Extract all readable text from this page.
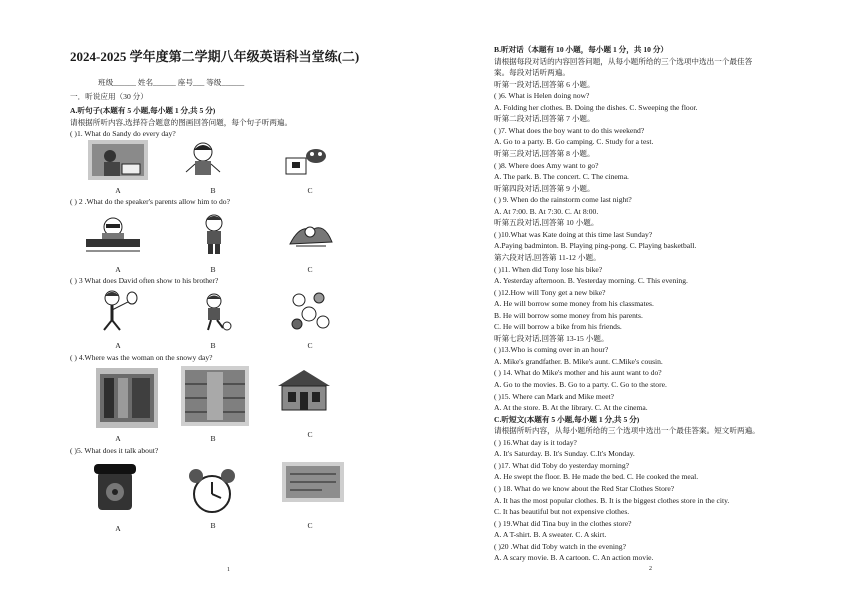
2024-2025 学年度第二学期八年级英语科当堂练(二)
班级______ 姓名______ 座号___ 等级______
一．听说应用（30 分）
A.听句子(本题有 5 小题,每小题 1 分,共 5 分)
请根据所听内容,选择符合题意的图画回答问题，每个句子听两遍。
( )1. What do Sandy do every day?
A	B	C
( ) 2 .What do the speaker's parents allow him to do?
A	B	C
( ) 3 What does David often show to his brother?
A	B	C
( ) 4.Where was the woman on the snowy day?
A	B	C
( )5. What does it talk about?
A	B	C
1
B.听对话（本题有 10 小题，每小题 1 分，共 10 分）
请根据每段对话的内容回答问题，从每小题所给的三个选项中选出一个最佳答
案。每段对话听两遍。
听第一段对话,回答第 6 小题。
( )6. What is Helen doing now?
A. Folding her clothes. B. Doing the dishes. C. Sweeping the floor.
听第二段对话,回答第 7 小题。
( )7. What does the boy want to do this weekend?
A. Go to a party. B. Go camping. C. Study for a test.
听第三段对话,回答第 8 小题。
( )8. Where does Amy want to go?
A. The park. B. The concert. C. The cinema.
听第四段对话,回答第 9 小题。
( ) 9. When do the rainstorm come last night?
A. At 7:00. B. At 7:30. C. At 8:00.
听第五段对话,回答第 10 小题。
( )10.What was Kate doing at this time last Sunday?
A.Paying badminton. B. Playing ping-pong. C. Playing basketball.
第六段对话,回答第 11-12 小题。
( )11. When did Tony lose his bike?
A. Yesterday afternoon. B. Yesterday morning. C. This evening.
( )12.How will Tony get a new bike?
A. He will borrow some money from his classmates.
B. He will borrow some money from his parents.
C. He will borrow a bike from his friends.
听第七段对话,回答第 13-15 小题。
( )13.Who is coming over in an hour?
A. Mike's grandfather. B. Mike's aunt. C.Mike's cousin.
( ) 14. What do Mike's mother and his aunt want to do?
A. Go to the movies. B. Go to a party. C. Go to the store.
( )15. Where can Mark and Mike meet?
A. At the store. B. At the library. C. At the cinema.
C.听短文(本题有 5 小题,每小题 1 分,共 5 分)
请根据所听内容，从每小题所给的三个选项中选出一个最佳答案。短文听两遍。
( ) 16.What day is it today?
A. It's Saturday. B. It's Sunday. C.It's Monday.
( )17. What did Toby do yesterday morning?
A. He swept the floor. B. He made the bed. C. He cooked the meal.
( ) 18. What do we know about the Red Star Clothes Store?
A. It has the most popular clothes. B. It is the biggest clothes store in the city.
C. It has beautiful but not expensive clothes.
( ) 19.What did Tina buy in the clothes store?
A. A T-shirt. B. A sweater. C. A skirt.
( )20 .What did Toby watch in the evening?
A. A scary movie. B. A cartoon. C. An action movie.
2
